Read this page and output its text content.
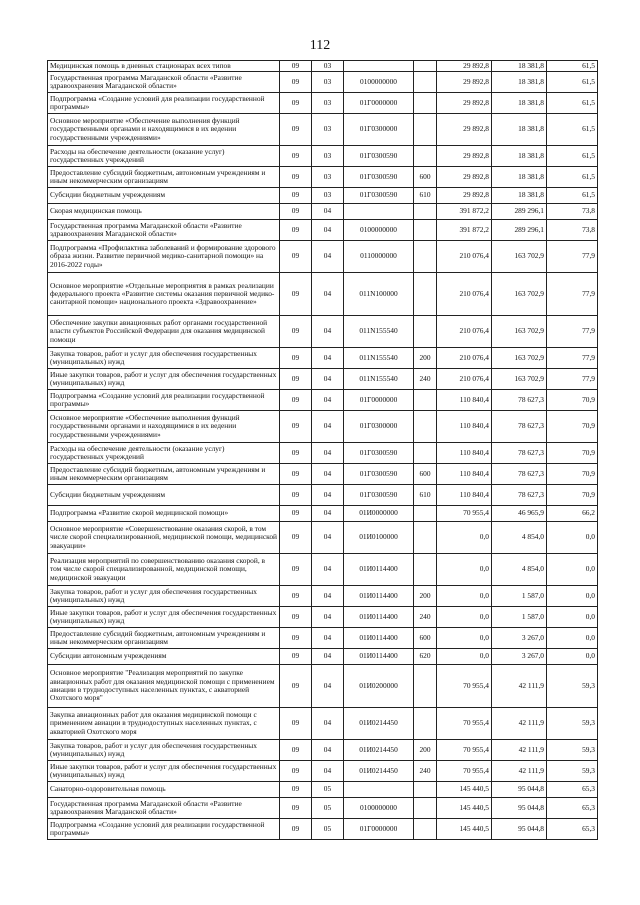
112
Медицинская помощь в дневных стационарах всех типов	09	03			29 892,8	18 381,8	61,5
Государственная программа Магаданской области «Развитие здравоохранения Магаданской области»	09	03	0100000000		29 892,8	18 381,8	61,5
Подпрограмма «Создание условий для реализации государственной программы»	09	03	01Г0000000		29 892,8	18 381,8	61,5
Основное мероприятие «Обеспечение выполнения функций государственными органами и находящимися в их ведении государственными учреждениями»	09	03	01Г0300000		29 892,8	18 381,8	61,5
Расходы на обеспечение деятельности (оказание услуг) государственных учреждений	09	03	01Г0300590		29 892,8	18 381,8	61,5
Предоставление субсидий бюджетным, автономным учреждениям и иным некоммерческим организациям	09	03	01Г0300590	600	29 892,8	18 381,8	61,5
Субсидии бюджетным учреждениям	09	03	01Г0300590	610	29 892,8	18 381,8	61,5
Скорая медицинская помощь	09	04			391 872,2	289 296,1	73,8
Государственная программа Магаданской области «Развитие здравоохранения Магаданской области»	09	04	0100000000		391 872,2	289 296,1	73,8
Подпрограмма «Профилактика заболеваний и формирование здорового образа жизни. Развитие первичной медико-санитарной помощи» на 2016-2022 годы»	09	04	0110000000		210 076,4	163 702,9	77,9
Основное мероприятие «Отдельные мероприятия в рамках реализации федерального проекта «Развитие системы оказания первичной медико-санитарной помощи» национального проекта «Здравоохранение»	09	04	011N100000		210 076,4	163 702,9	77,9
Обеспечение закупки авиационных работ органами государственной власти субъектов Российской Федерации для оказания медицинской помощи	09	04	011N155540		210 076,4	163 702,9	77,9
Закупка товаров, работ и услуг для обеспечения государственных (муниципальных) нужд	09	04	011N155540	200	210 076,4	163 702,9	77,9
Иные закупки товаров, работ и услуг для обеспечения государственных (муниципальных) нужд	09	04	011N155540	240	210 076,4	163 702,9	77,9
Подпрограмма «Создание условий для реализации государственной программы»	09	04	01Г0000000		110 840,4	78 627,3	70,9
Основное мероприятие «Обеспечение выполнения функций государственными органами и находящимися в их ведении государственными учреждениями»	09	04	01Г0300000		110 840,4	78 627,3	70,9
Расходы на обеспечение деятельности (оказание услуг) государственных учреждений	09	04	01Г0300590		110 840,4	78 627,3	70,9
Предоставление субсидий бюджетным, автономным учреждениям и иным некоммерческим организациям	09	04	01Г0300590	600	110 840,4	78 627,3	70,9
Субсидии бюджетным учреждениям	09	04	01Г0300590	610	110 840,4	78 627,3	70,9
Подпрограмма «Развитие скорой медицинской помощи»	09	04	01И0000000		70 955,4	46 965,9	66,2
Основное мероприятие «Совершенствование оказания скорой, в том числе скорой специализированной, медицинской помощи, медицинской эвакуации»	09	04	01И0100000		0,0	4 854,0	0,0
Реализация мероприятий по совершенствованию оказания скорой, в том числе скорой специализированной, медицинской помощи, медицинской эвакуации	09	04	01И0114400		0,0	4 854,0	0,0
Закупка товаров, работ и услуг для обеспечения государственных (муниципальных) нужд	09	04	01И0114400	200	0,0	1 587,0	0,0
Иные закупки товаров, работ и услуг для обеспечения государственных (муниципальных) нужд	09	04	01И0114400	240	0,0	1 587,0	0,0
Предоставление субсидий бюджетным, автономным учреждениям и иным некоммерческим организациям	09	04	01И0114400	600	0,0	3 267,0	0,0
Субсидии автономным учреждениям	09	04	01И0114400	620	0,0	3 267,0	0,0
Основное мероприятие "Реализация мероприятий по закупке авиационных работ для оказания медицинской помощи с применением авиации в труднодоступных населенных пунктах, с акваторией Охотского моря"	09	04	01И0200000		70 955,4	42 111,9	59,3
Закупка авиационных работ для оказания медицинской помощи с применением авиации в труднодоступных населенных пунктах, с акваторией Охотского моря	09	04	01И0214450		70 955,4	42 111,9	59,3
Закупка товаров, работ и услуг для обеспечения государственных (муниципальных) нужд	09	04	01И0214450	200	70 955,4	42 111,9	59,3
Иные закупки товаров, работ и услуг для обеспечения государственных (муниципальных) нужд	09	04	01И0214450	240	70 955,4	42 111,9	59,3
Санаторно-оздоровительная помощь	09	05			145 440,5	95 044,8	65,3
Государственная программа Магаданской области «Развитие здравоохранения Магаданской области»	09	05	0100000000		145 440,5	95 044,8	65,3
Подпрограмма «Создание условий для реализации государственной программы»	09	05	01Г0000000		145 440,5	95 044,8	65,3
